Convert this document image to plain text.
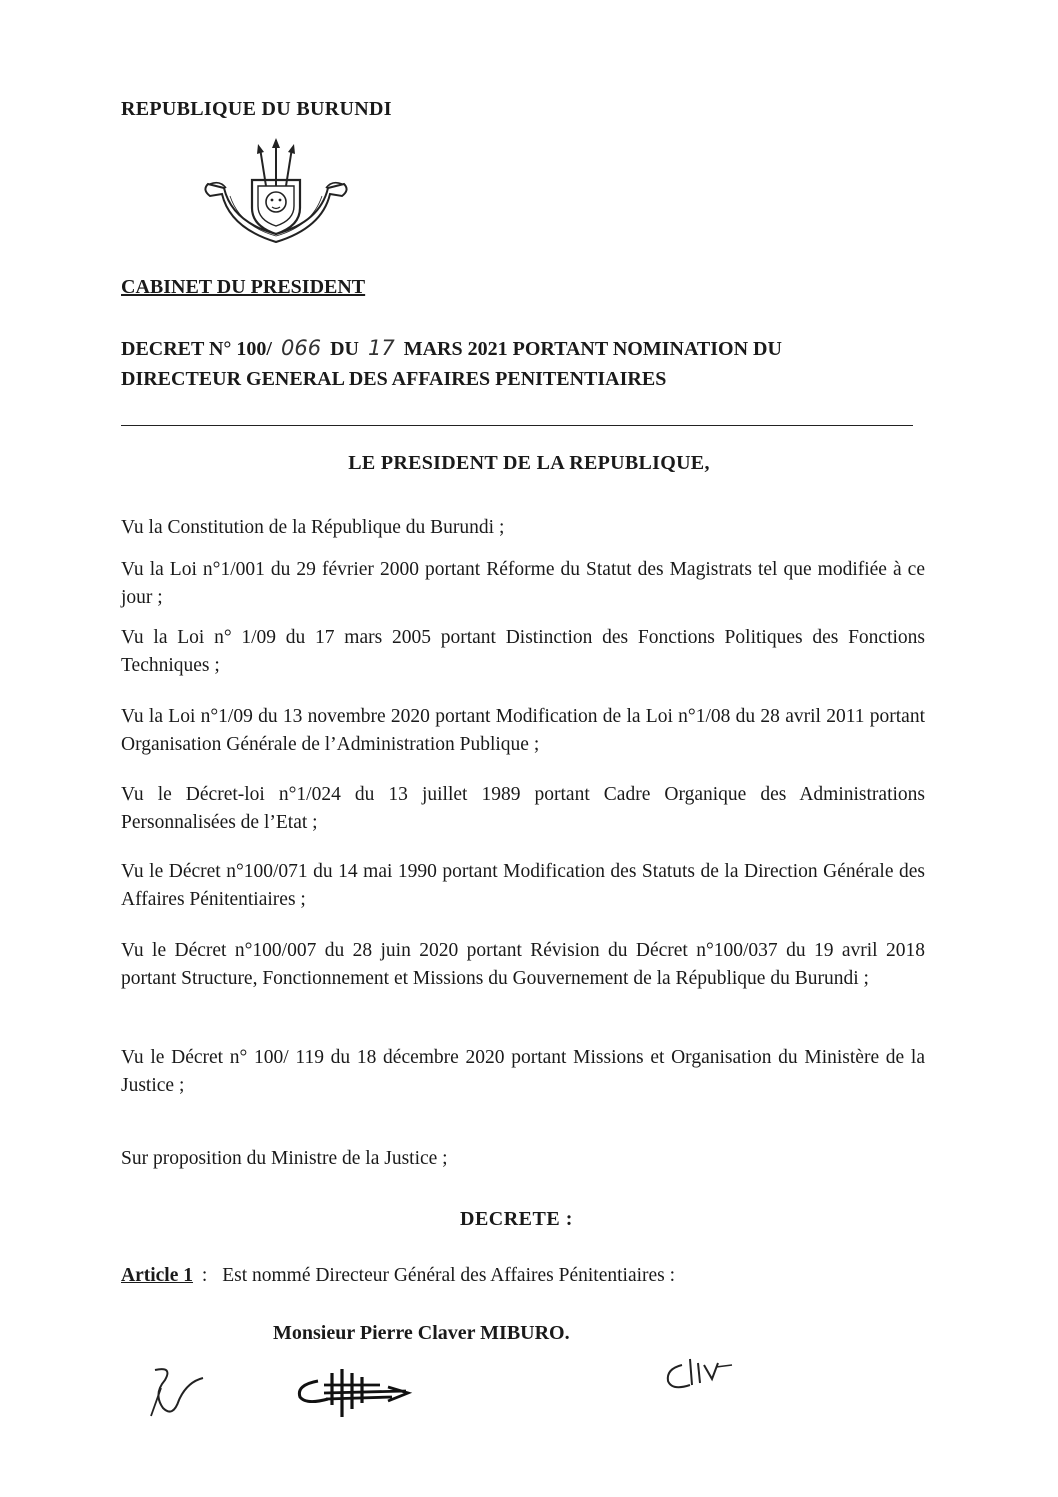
REPUBLIQUE DU BURUNDI
CABINET DU PRESIDENT
DECRET N° 100/ 066 DU 17 MARS 2021 PORTANT NOMINATION DU
DIRECTEUR GENERAL DES AFFAIRES PENITENTIAIRES
LE PRESIDENT DE LA REPUBLIQUE,
Vu la Constitution de la République du Burundi ;
Vu la Loi n°1/001 du 29 février 2000 portant Réforme du Statut des Magistrats tel que modifiée à ce jour ;
Vu la Loi n° 1/09 du 17 mars 2005 portant Distinction des Fonctions Politiques des Fonctions Techniques ;
Vu la Loi n°1/09 du 13 novembre 2020 portant Modification de la Loi n°1/08 du 28 avril 2011 portant Organisation Générale de l’Administration Publique ;
Vu le Décret-loi n°1/024 du 13 juillet 1989 portant Cadre Organique des Administrations Personnalisées de l’Etat ;
Vu le Décret n°100/071 du 14 mai 1990 portant Modification des Statuts de la Direction Générale des Affaires Pénitentiaires ;
Vu le Décret n°100/007 du 28 juin 2020 portant Révision du Décret n°100/037 du 19 avril 2018 portant Structure, Fonctionnement et Missions du Gouvernement de la République du Burundi ;
Vu le Décret n° 100/ 119 du 18 décembre 2020 portant Missions et Organisation du Ministère de la Justice ;
Sur proposition du Ministre de la Justice ;
DECRETE :
Article 1 : Est nommé Directeur Général des Affaires Pénitentiaires :
Monsieur Pierre Claver MIBURO.
